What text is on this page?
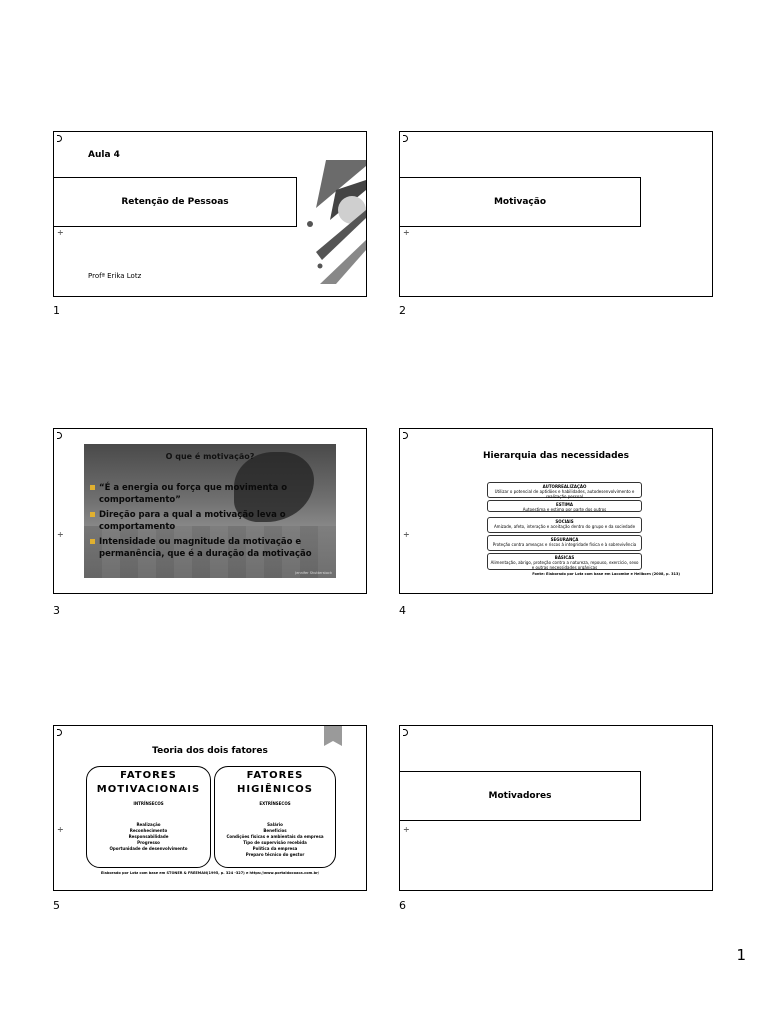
Aula 4
Retenção de Pessoas
÷
Profª Erika Lotz
1
Motivação
÷
2
÷
O que é motivação?
“É a energia ou força que movimenta o comportamento”
Direção para a qual a motivação leva o comportamento
Intensidade ou magnitude da motivação e permanência, que é a duração da motivação
Jennifer Shutterstock
3
÷
Hierarquia das necessidades
AUTORREALIZAÇÃO
Utilizar o potencial de aptidões e habilidades, autodesenvolvimento e realização pessoal
ESTIMA
Autoestima e estima por parte dos outros
SOCIAIS
Amizade, afeto, interação e aceitação dentro do grupo e da sociedade
SEGURANÇA
Proteção contra ameaças e riscos à integridade física e à sobrevivência
BÁSICAS
Alimentação, abrigo, proteção contra a natureza, repouso, exercício, sexo e outras necessidades orgânicas
Fonte: Elaborado por Lotz com base em Lacombe e Heilborn (2008, p. 313)
4
÷
Teoria dos dois fatores
FATORES
MOTIVACIONAIS
INTRÍNSECOS
Realização
Reconhecimento
Responsabilidade
Progresso
Oportunidade de desenvolvimento
FATORES
HIGIÊNICOS
EXTRÍNSECOS
Salário
Benefícios
Condições físicas e ambientais da empresa
Tipo de supervisão recebida
Política da empresa
Preparo técnico do gestor
Elaborado por Lotz com base em STONER & FREEMAN(1995, p. 324 -327) e https://www.portaldocoaca.com.br/
5
Motivadores
÷
6
1
